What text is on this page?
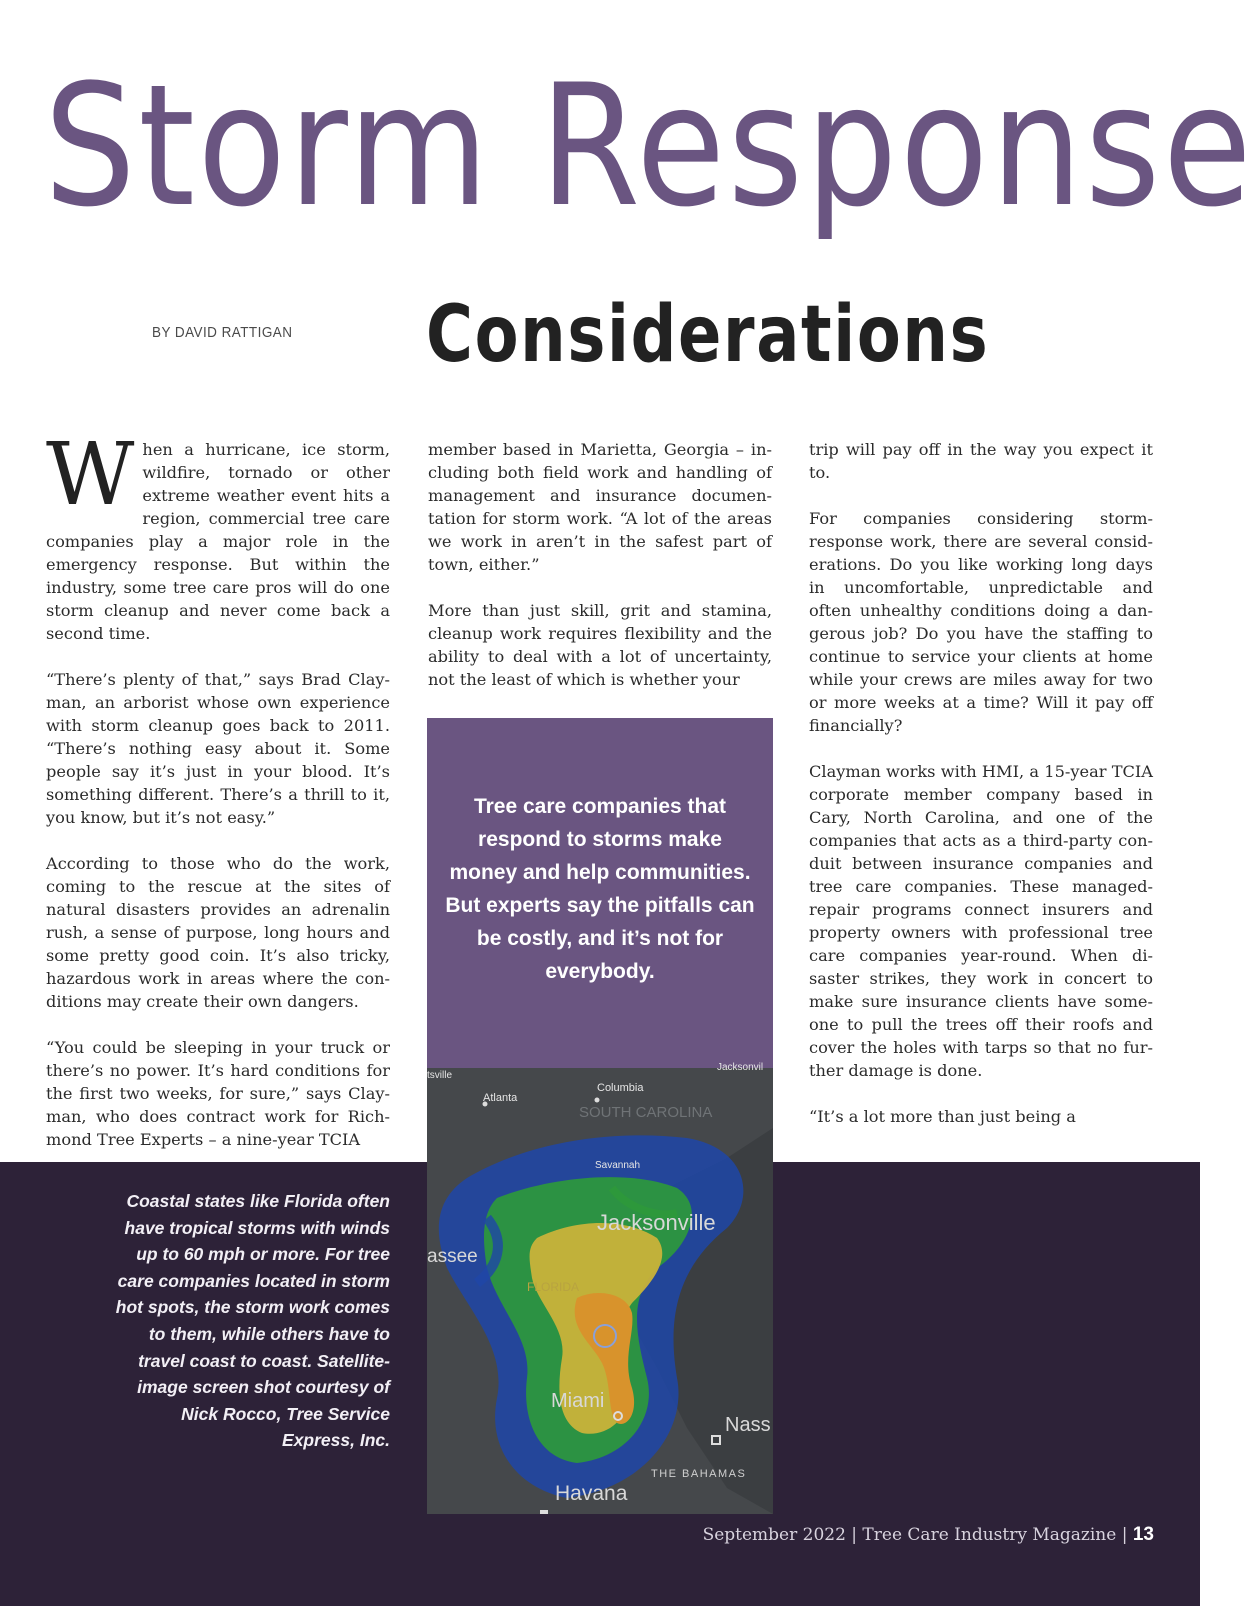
Storm Response
BY DAVID RATTIGAN Considerations

When a hurricane, ice storm, wildfire, tornado or other extreme weather event hits a region, commercial tree care companies play a major role in the emergency response. But within the industry, some tree care pros will do one storm cleanup and never come back a second time.

“There’s plenty of that,” says Brad Clayman, an arborist whose own experience with storm cleanup goes back to 2011. “There’s nothing easy about it. Some people say it’s just in your blood. It’s something different. There’s a thrill to it, you know, but it’s not easy.”

According to those who do the work, coming to the rescue at the sites of natural disasters provides an adrenalin rush, a sense of purpose, long hours and some pretty good coin. It’s also tricky, hazardous work in areas where the conditions may create their own dangers.

“You could be sleeping in your truck or there’s no power. It’s hard conditions for the first two weeks, for sure,” says Clayman, who does contract work for Richmond Tree Experts – a nine-year TCIA

member based in Marietta, Georgia – including both field work and handling of management and insurance documentation for storm work. “A lot of the areas we work in aren’t in the safest part of town, either.”

More than just skill, grit and stamina, cleanup work requires flexibility and the ability to deal with a lot of uncertainty, not the least of which is whether your

trip will pay off in the way you expect it to.

For companies considering storm-response work, there are several considerations. Do you like working long days in uncomfortable, unpredictable and often unhealthy conditions doing a dangerous job? Do you have the staffing to continue to service your clients at home while your crews are miles away for two or more weeks at a time? Will it pay off financially?

Clayman works with HMI, a 15-year TCIA corporate member company based in Cary, North Carolina, and one of the companies that acts as a third-party conduit between insurance companies and tree care companies. These managed-repair programs connect insurers and property owners with professional tree care companies year-round. When disaster strikes, they work in concert to make sure insurance clients have someone to pull the trees off their roofs and cover the holes with tarps so that no further damage is done.

“It’s a lot more than just being a

Tree care companies that respond to storms make money and help communities. But experts say the pitfalls can be costly, and it’s not for everybody.
tsville
Jacksonvil
Columbia
Atlanta
SOUTH CAROLINA
Savannah
Jacksonville
assee
FLORIDA
Miami
Nass
THE BAHAMAS
Havana
Coastal states like Florida often have tropical storms with winds up to 60 mph or more. For tree care companies located in storm hot spots, the storm work comes to them, while others have to travel coast to coast. Satellite-image screen shot courtesy of Nick Rocco, Tree Service Express, Inc.
September 2022 | Tree Care Industry Magazine | 13
